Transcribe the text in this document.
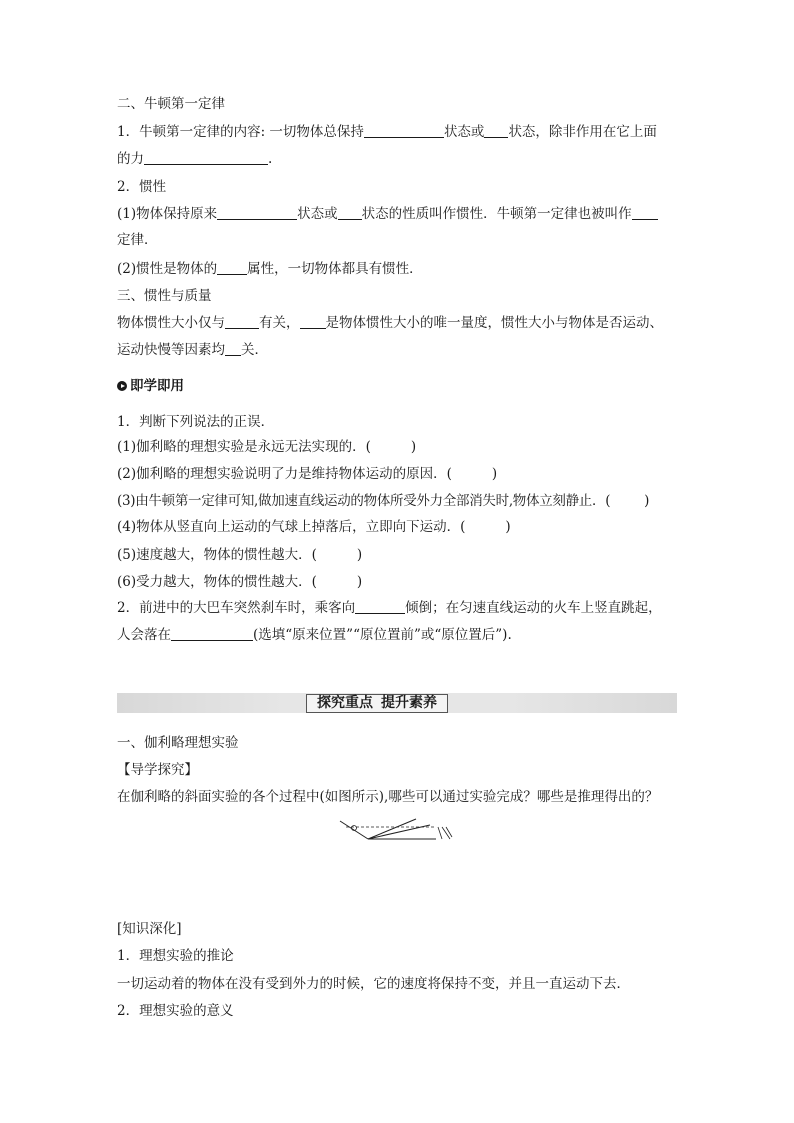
二、牛顿第一定律
1．牛顿第一定律的内容: 一切物体总保持	状态或 状态，除非作用在它上面
的力	.
2．惯性
(1)物体保持原来	状态或 状态的性质叫作惯性．牛顿第一定律也被叫作
定律．
(2)惯性是物体的 属性，一切物体都具有惯性．
三、惯性与质量
物体惯性大小仅与	有关， 是物体惯性大小的唯一量度，惯性大小与物体是否运动、
运动快慢等因素均 关．
即学即用
1．判断下列说法的正误．
(1)伽利略的理想实验是永远无法实现的．(	)
(2)伽利略的理想实验说明了力是维持物体运动的原因．(	)
(3)由牛顿第一定律可知,做加速直线运动的物体所受外力全部消失时,物体立刻静止．(	)
(4)物体从竖直向上运动的气球上掉落后，立即向下运动．(	)
(5)速度越大，物体的惯性越大．(	)
(6)受力越大，物体的惯性越大．(	)
2．前进中的大巴车突然刹车时，乘客向	倾倒；在匀速直线运动的火车上竖直跳起，
人会落在	(选填“原来位置”“原位置前”或“原位置后”).
一、伽利略理想实验
【导学探究】
在伽利略的斜面实验的各个过程中(如图所示),哪些可以通过实验完成？哪些是推理得出的？
[知识深化]
1．理想实验的推论
一切运动着的物体在没有受到外力的时候，它的速度将保持不变，并且一直运动下去．
2．理想实验的意义
探究重点 提升素养
